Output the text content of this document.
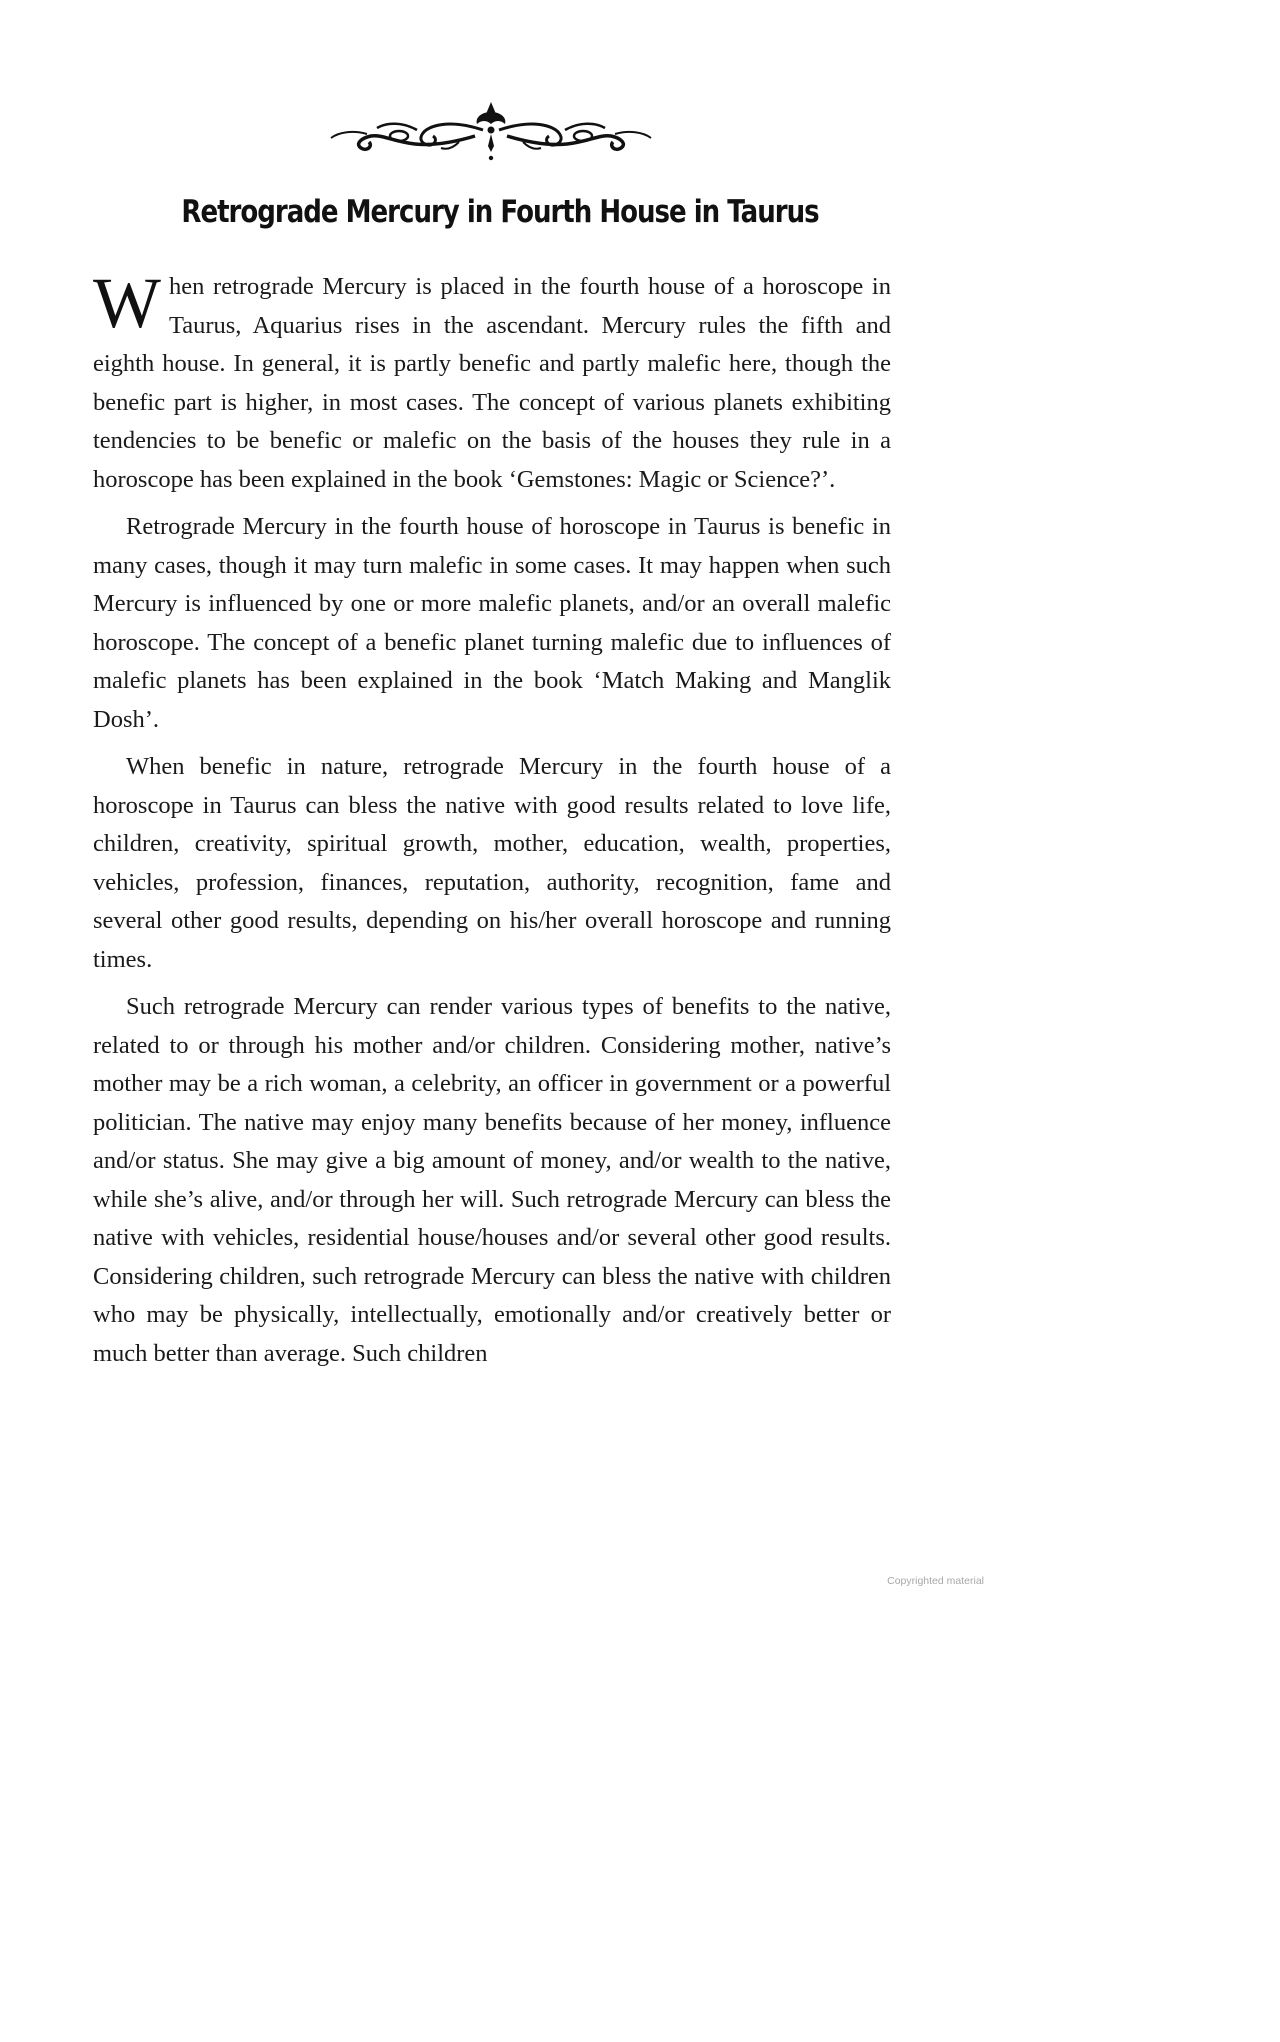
Retrograde Mercury in Fourth House in Taurus

When retrograde Mercury is placed in the fourth house of a horoscope in Taurus, Aquarius rises in the ascendant. Mercury rules the fifth and eighth house. In general, it is partly benefic and partly malefic here, though the benefic part is higher, in most cases. The concept of various planets exhibiting tendencies to be benefic or malefic on the basis of the houses they rule in a horoscope has been explained in the book ‘Gemstones: Magic or Science?’.

Retrograde Mercury in the fourth house of horoscope in Taurus is benefic in many cases, though it may turn malefic in some cases. It may happen when such Mercury is influenced by one or more malefic planets, and/or an overall malefic horoscope. The concept of a benefic planet turning malefic due to influences of malefic planets has been explained in the book ‘Match Making and Manglik Dosh’.

When benefic in nature, retrograde Mercury in the fourth house of a horoscope in Taurus can bless the native with good results related to love life, children, creativity, spiritual growth, mother, education, wealth, properties, vehicles, profession, finances, reputation, authority, recognition, fame and several other good results, depending on his/her overall horoscope and running times.

Such retrograde Mercury can render various types of benefits to the native, related to or through his mother and/or children. Considering mother, native’s mother may be a rich woman, a celebrity, an officer in government or a powerful politician. The native may enjoy many benefits because of her money, influence and/or status. She may give a big amount of money, and/or wealth to the native, while she’s alive, and/or through her will. Such retrograde Mercury can bless the native with vehicles, residential house/houses and/or several other good results. Considering children, such retrograde Mercury can bless the native with children who may be physically, intellectually, emotionally and/or creatively better or much better than average. Such children

Copyrighted material
